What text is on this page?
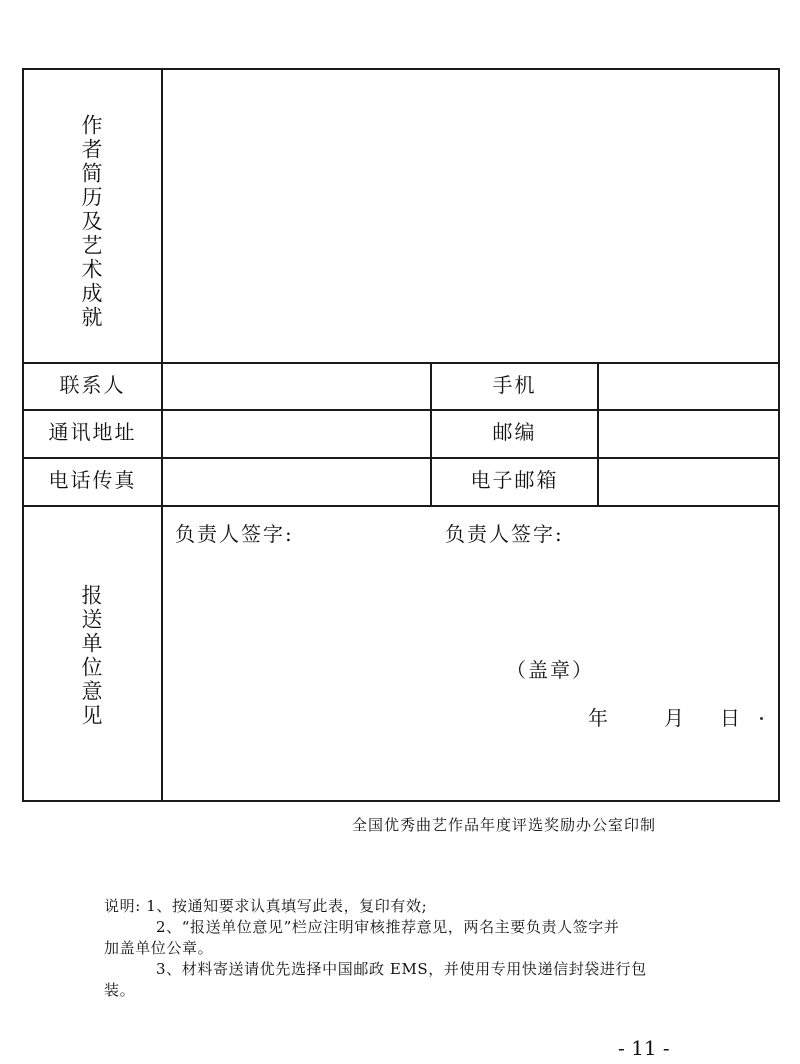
作者简历及艺术成就
联系人	手机
通讯地址	邮编
电话传真	电子邮箱
报送单位意见
负责人签字:	负责人签字:
（盖章）
年	月 日
全国优秀曲艺作品年度评选奖励办公室印制

说明: 1、按通知要求认真填写此表，复印有效;

2、“报送单位意见”栏应注明审核推荐意见，两名主要负责人签字并

加盖单位公章。

3、材料寄送请优先选择中国邮政 EMS，并使用专用快递信封袋进行包

装。

- 11 -
